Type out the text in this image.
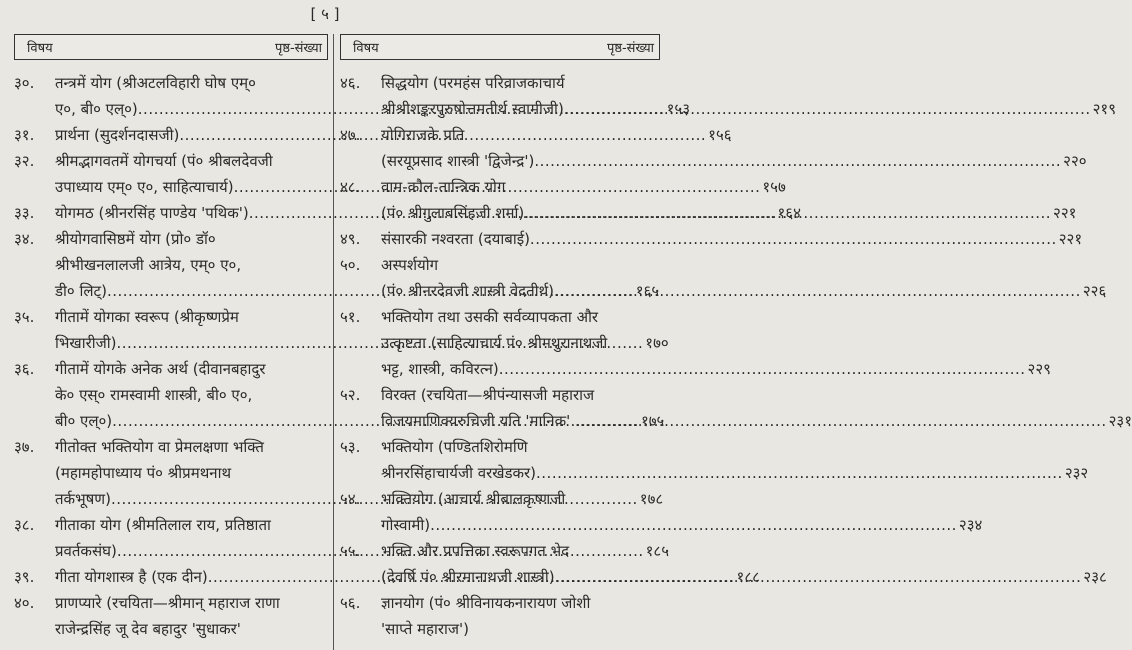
[ ५ ]
विषय	पृष्ठ-संख्या
३०.	तन्त्रमें योग (श्रीअटलविहारी घोष एम्०
ए०, बी० एल्०) .....	१५३
३१.	प्रार्थना (सुदर्शनदासजी) .....	१५६
३२.	श्रीमद्भागवतमें योगचर्या (पं० श्रीबलदेवजी
उपाध्याय एम्० ए०, साहित्याचार्य) .....	१५७
३३.	योगमठ (श्रीनरसिंह पाण्डेय 'पथिक') .....	१६४
३४.	श्रीयोगवासिष्ठमें योग (प्रो० डॉ०
श्रीभीखनलालजी आत्रेय, एम्० ए०,
डी० लिट्) .....	१६५
३५.	गीतामें योगका स्वरूप (श्रीकृष्णप्रेम
भिखारीजी) .....	१७०
३६.	गीतामें योगके अनेक अर्थ (दीवानबहादुर
के० एस्० रामस्वामी शास्त्री, बी० ए०,
बी० एल्०) .....	१७५
३७.	गीतोक्त भक्तियोग वा प्रेमलक्षणा भक्ति
(महामहोपाध्याय पं० श्रीप्रमथनाथ
तर्कभूषण) .....	१७८
३८.	गीताका योग (श्रीमतिलाल राय, प्रतिष्ठाता
प्रवर्तकसंघ) .....	१८५
३९.	गीता योगशास्त्र है (एक दीन) .....	१८८
४०.	प्राणप्यारे (रचयिता—श्रीमान् महाराज राणा
राजेन्द्रसिंह जू देव बहादुर 'सुधाकर'
विषय	पृष्ठ-संख्या
४६.	सिद्धयोग (परमहंस परिव्राजकाचार्य
श्रीश्रीशङ्करपुरुषोत्तमतीर्थ स्वामीजी) .....	२१९
४७.	योगिराजके प्रति
(सरयूप्रसाद शास्त्री 'द्विजेन्द्र') .....	२२०
४८.	वाम-कौल-तान्त्रिक योग
(पं० श्रीगुलाबसिंहजी शर्मा) .....	२२१
४९.	संसारकी नश्वरता (दयाबाई) .....	२२१
५०.	अस्पर्शयोग
(पं० श्रीनरदेवजी शास्त्री वेदतीर्थ) .....	२२६
५१.	भक्तियोग तथा उसकी सर्वव्यापकता और
उत्कृष्टता (साहित्याचार्य पं० श्रीमथुरानाथजी
भट्ट, शास्त्री, कविरत्न) .....	२२९
५२.	विरक्त (रचयिता—श्रीपंन्यासजी महाराज
विजयमाणिक्यरुचिजी यति 'मानिक' . .....	२३१
५३.	भक्तियोग (पण्डितशिरोमणि
श्रीनरसिंहाचार्यजी वरखेडकर) .....	२३२
५४.	भक्तियोग (आचार्य श्रीबालकृष्णजी
गोस्वामी) .....	२३४
५५.	भक्ति और प्रपत्तिका स्वरूपगत भेद
(देवर्षि पं० श्रीरमानाथजी शास्त्री) .....	२३८
५६.	ज्ञानयोग (पं० श्रीविनायकनारायण जोशी
'साप्ते महाराज')
